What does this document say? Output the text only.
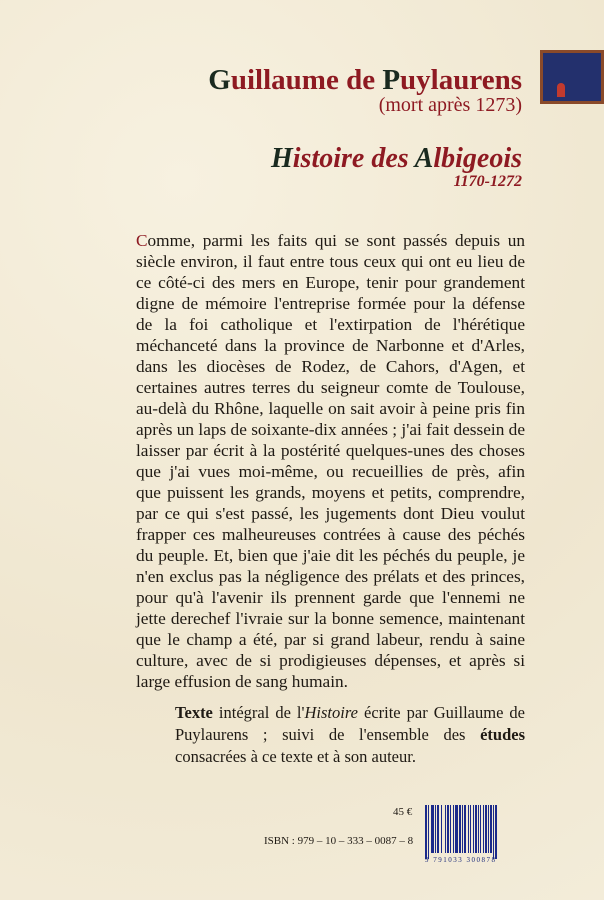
Guillaume de Puylaurens
(mort après 1273)
Histoire des Albigeois
1170-1272
Comme, parmi les faits qui se sont passés depuis un
siècle environ, il faut entre tous ceux qui ont eu lieu de
ce côté-ci des mers en Europe, tenir pour grandement
digne de mémoire l'entreprise formée pour la défense
de la foi catholique et l'extirpation de l'hérétique
méchanceté dans la province de Narbonne et d'Arles,
dans les diocèses de Rodez, de Cahors, d'Agen, et
certaines autres terres du seigneur comte de Toulouse,
au-delà du Rhône, laquelle on sait avoir à peine pris fin
après un laps de soixante-dix années ; j'ai fait dessein de
laisser par écrit à la postérité quelques-unes des choses
que j'ai vues moi-même, ou recueillies de près, afin
que puissent les grands, moyens et petits, comprendre,
par ce qui s'est passé, les jugements dont Dieu voulut
frapper ces malheureuses contrées à cause des péchés
du peuple. Et, bien que j'aie dit les péchés du peuple, je
n'en exclus pas la négligence des prélats et des princes,
pour qu'à l'avenir ils prennent garde que l'ennemi ne
jette derechef l'ivraie sur la bonne semence, maintenant
que le champ a été, par si grand labeur, rendu à saine
culture, avec de si prodigieuses dépenses, et après si
large effusion de sang humain.
Texte intégral de l'Histoire écrite par Guillaume de Puylaurens ; suivi de l'ensemble des études consacrées à ce texte et à son auteur.
45 €
ISBN : 979 – 10 – 333 – 0087 – 8
9 791033 300878
